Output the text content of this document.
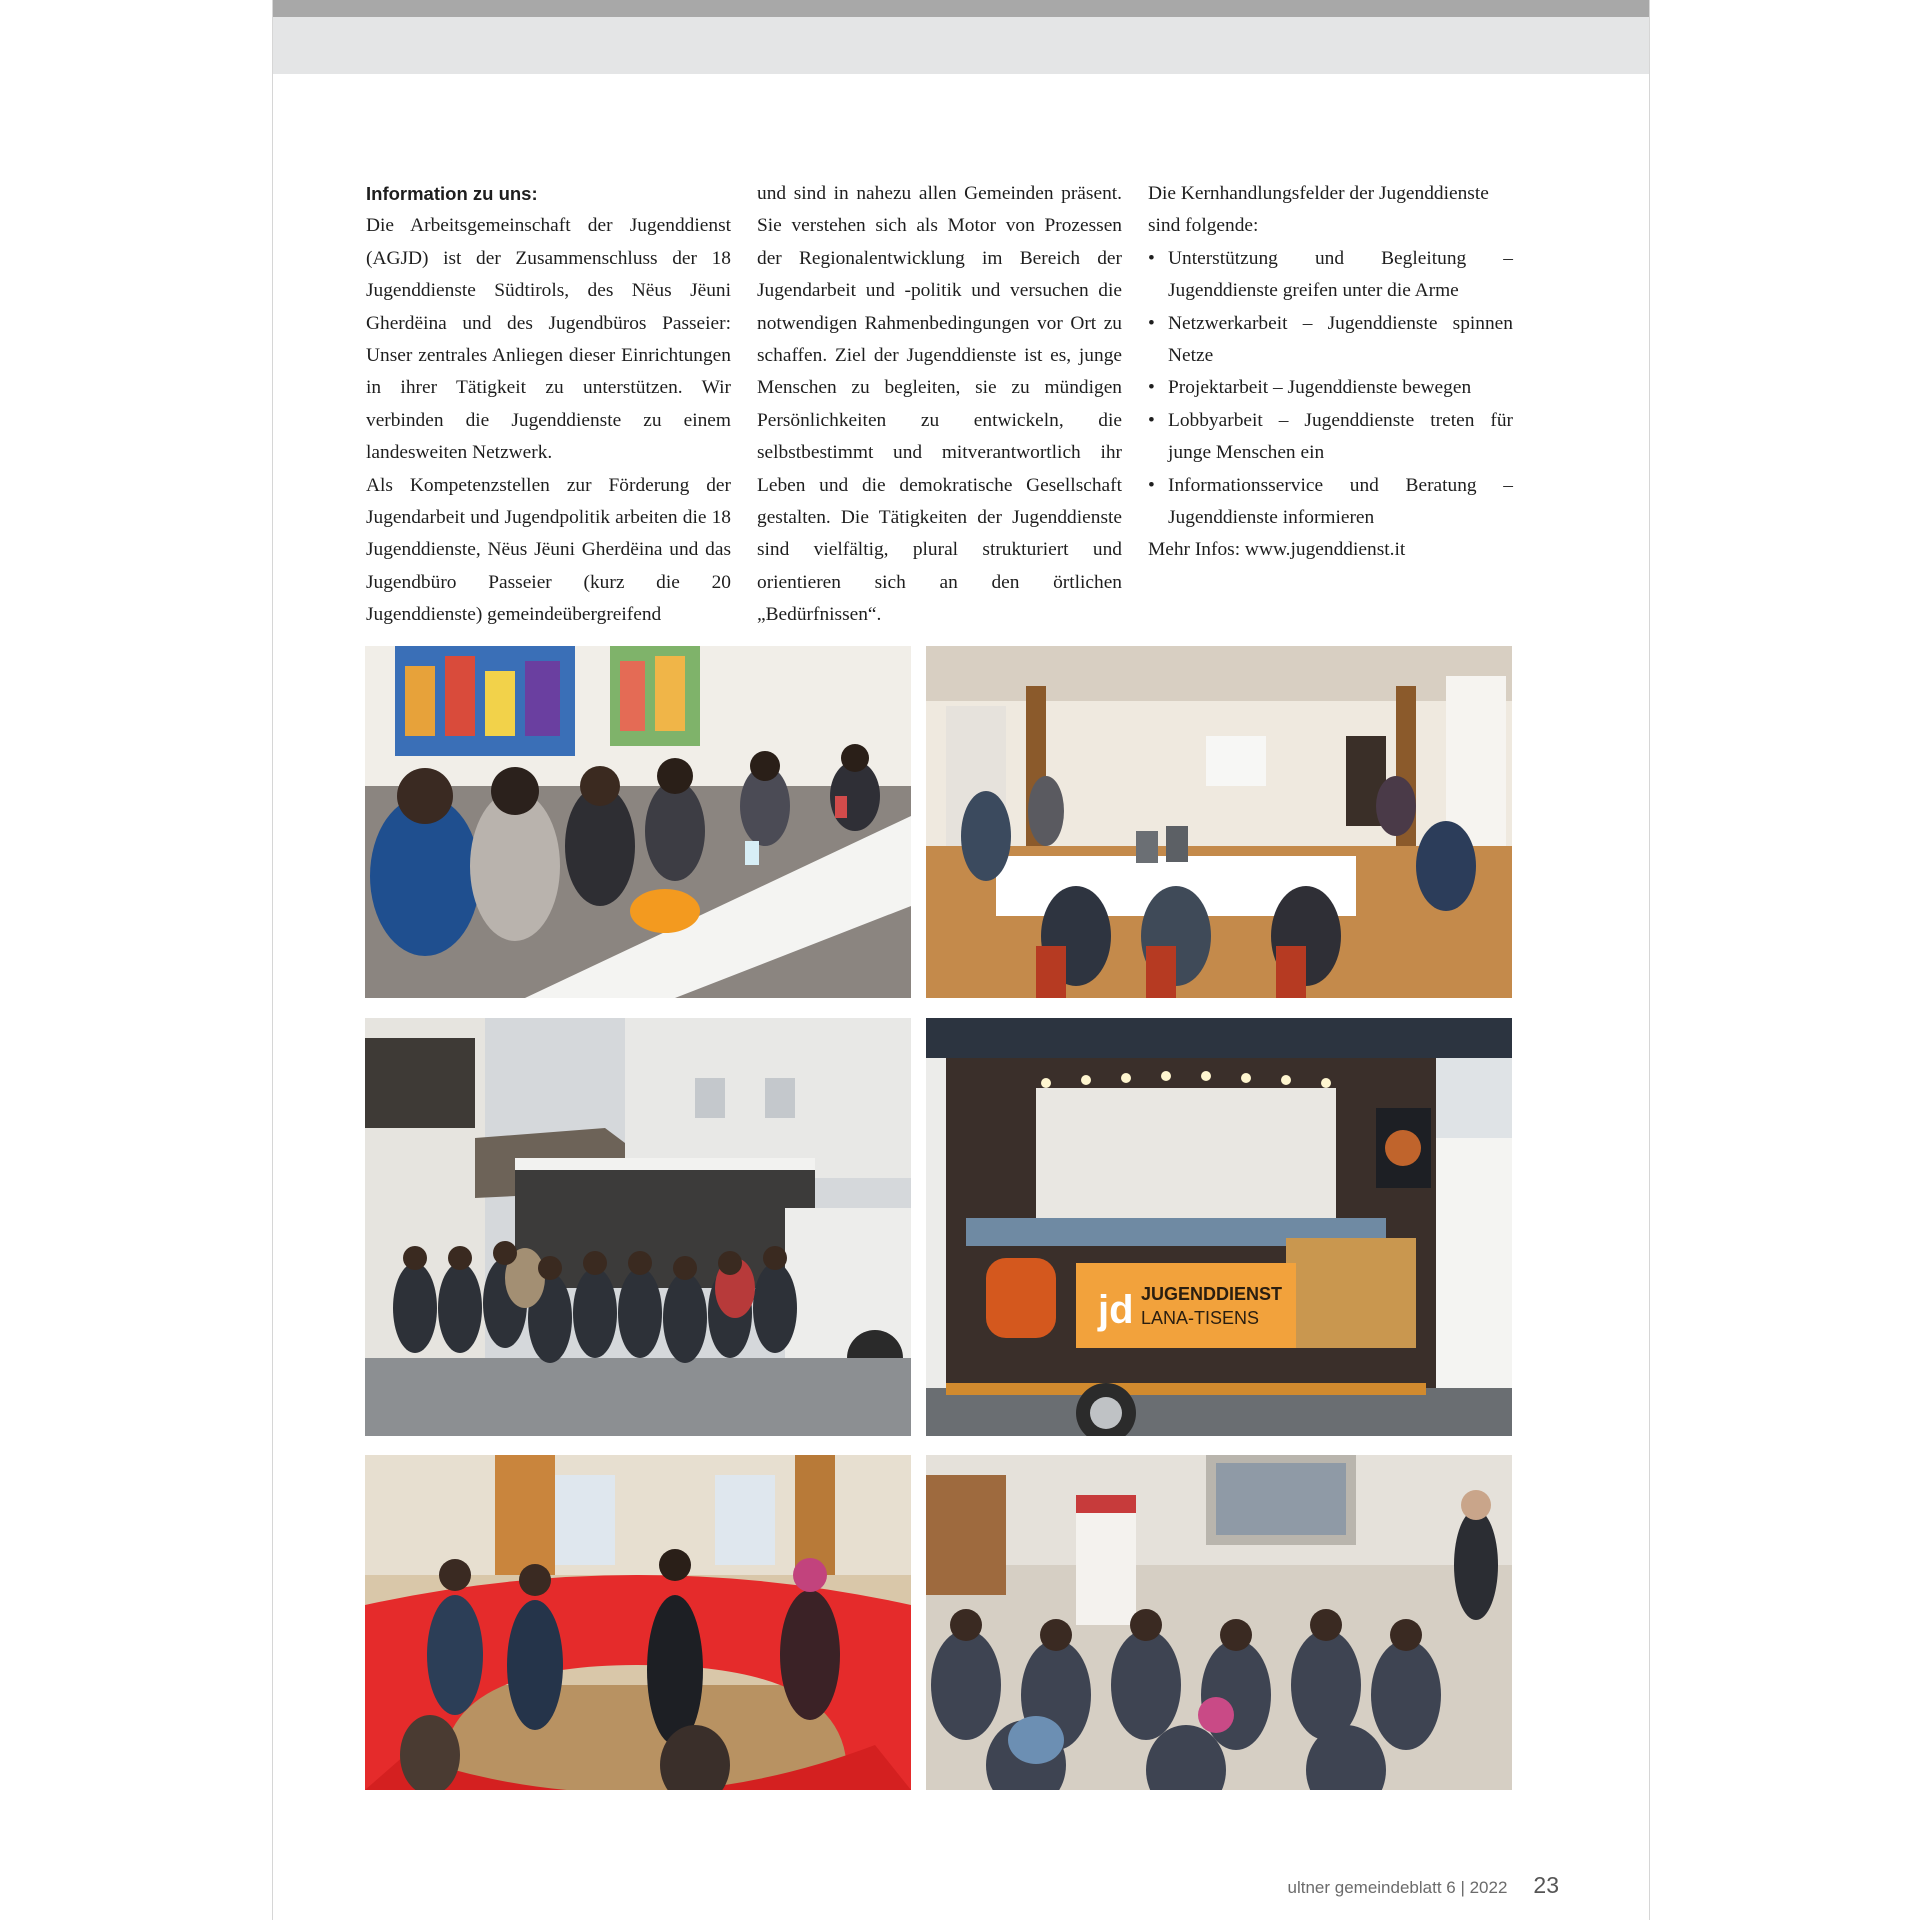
Information zu uns:

Die Arbeitsgemeinschaft der Jugenddienst (AGJD) ist der Zusammenschluss der 18 Jugenddienste Südtirols, des Nëus Jëuni Gherdëina und des Jugendbüros Passeier: Unser zentrales Anliegen dieser Einrichtungen in ihrer Tätigkeit zu unterstützen. Wir verbinden die Jugenddienste zu einem landesweiten Netzwerk.

Als Kompetenzstellen zur Förderung der Jugendarbeit und Jugendpolitik arbeiten die 18 Jugenddienste, Nëus Jëuni Gherdëina und das Jugendbüro Passeier (kurz die 20 Jugenddienste) gemeindeübergreifend

und sind in nahezu allen Gemeinden präsent. Sie verstehen sich als Motor von Prozessen der Regionalentwicklung im Bereich der Jugendarbeit und -politik und versuchen die notwendigen Rahmenbedingungen vor Ort zu schaffen. Ziel der Jugenddienste ist es, junge Menschen zu begleiten, sie zu mündigen Persönlichkeiten zu entwickeln, die selbstbestimmt und mitverantwortlich ihr Leben und die demokratische Gesellschaft gestalten. Die Tätigkeiten der Jugenddienste sind vielfältig, plural strukturiert und orientieren sich an den örtlichen „Bedürfnissen“.

Die Kernhandlungsfelder der Jugenddienste sind folgende:

• Unterstützung und Begleitung – Jugenddienste greifen unter die Arme
• Netzwerkarbeit – Jugenddienste spinnen Netze
• Projektarbeit – Jugenddienste bewegen
• Lobbyarbeit – Jugenddienste treten für junge Menschen ein
• Informationsservice und Beratung – Jugenddienste informieren

Mehr Infos: www.jugenddienst.it

jd JUGENDDIENST
LANA-TISENS
ultner gemeindeblatt 6 | 2022 23
